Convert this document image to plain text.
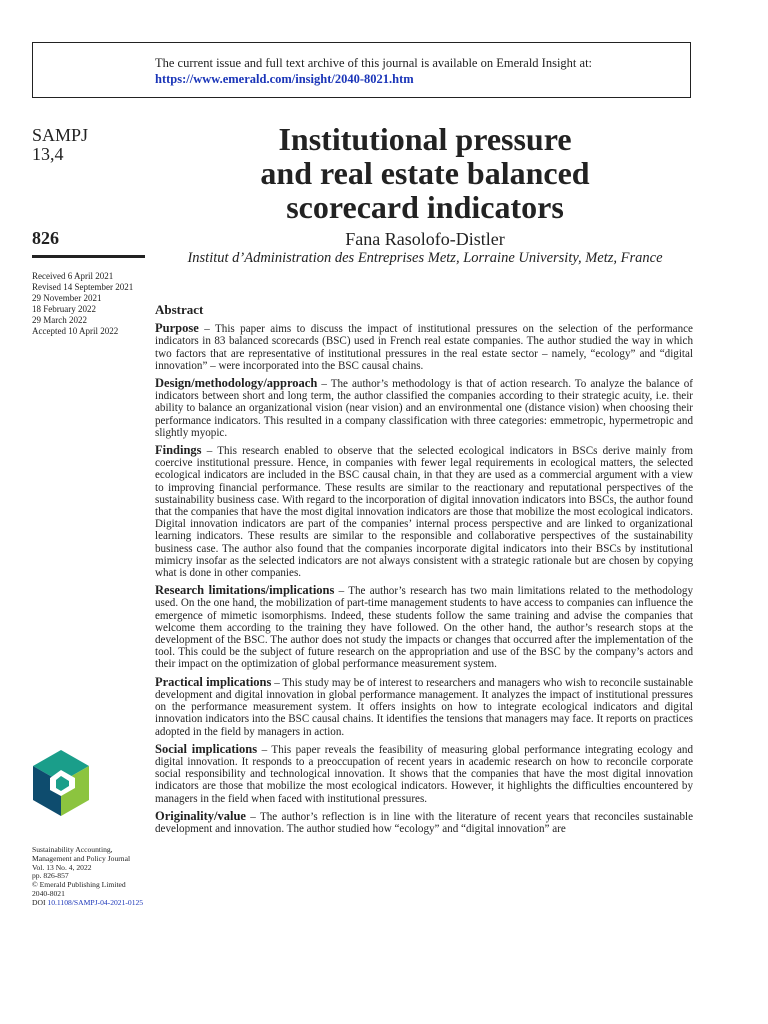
The current issue and full text archive of this journal is available on Emerald Insight at:
https://www.emerald.com/insight/2040-8021.htm
SAMPJ
13,4
826
Received 6 April 2021
Revised 14 September 2021
29 November 2021
18 February 2022
29 March 2022
Accepted 10 April 2022
Institutional pressure
and real estate balanced
scorecard indicators
Fana Rasolofo-Distler
Institut d’Administration des Entreprises Metz, Lorraine University, Metz, France
Abstract

Purpose – This paper aims to discuss the impact of institutional pressures on the selection of the performance indicators in 83 balanced scorecards (BSC) used in French real estate companies. The author studied the way in which two factors that are representative of institutional pressures in the real estate sector – namely, “ecology” and “digital innovation” – were incorporated into the BSC causal chains.

Design/methodology/approach – The author’s methodology is that of action research. To analyze the balance of indicators between short and long term, the author classified the companies according to their strategic acuity, i.e. their ability to balance an organizational vision (near vision) and an environmental one (distance vision) when choosing their performance indicators. This resulted in a company classification with three categories: emmetropic, hypermetropic and slightly myopic.

Findings – This research enabled to observe that the selected ecological indicators in BSCs derive mainly from coercive institutional pressure. Hence, in companies with fewer legal requirements in ecological matters, the selected ecological indicators are included in the BSC causal chain, in that they are used as a commercial argument with a view to improving financial performance. These results are similar to the reactionary and reputational perspectives of the sustainability business case. With regard to the incorporation of digital innovation indicators into BSCs, the author found that the companies that have the most digital innovation indicators are those that mobilize the most ecological indicators. Digital innovation indicators are part of the companies’ internal process perspective and are linked to organizational learning indicators. These results are similar to the responsible and collaborative perspectives of the sustainability business case. The author also found that the companies incorporate digital indicators into their BSCs by institutional mimicry insofar as the selected indicators are not always consistent with a strategic rationale but are chosen by copying what is done in other companies.

Research limitations/implications – The author’s research has two main limitations related to the methodology used. On the one hand, the mobilization of part-time management students to have access to companies can influence the emergence of mimetic isomorphisms. Indeed, these students follow the same training and advise the companies that welcome them according to the training they have followed. On the other hand, the author’s research stops at the development of the BSC. The author does not study the impacts or changes that occurred after the implementation of the tool. This could be the subject of future research on the appropriation and use of the BSC by the company’s actors and their impact on the optimization of global performance measurement system.

Practical implications – This study may be of interest to researchers and managers who wish to reconcile sustainable development and digital innovation in global performance management. It analyzes the impact of institutional pressures on the performance measurement system. It offers insights on how to integrate ecological indicators and digital innovation indicators into the BSC causal chains. It identifies the tensions that managers may face. It reports on practices adopted in the field by managers in action.

Social implications – This paper reveals the feasibility of measuring global performance integrating ecology and digital innovation. It responds to a preoccupation of recent years in academic research on how to reconcile corporate social responsibility and technological innovation. It shows that the companies that have the most digital innovation indicators are those that mobilize the most ecological indicators. However, it highlights the difficulties encountered by managers in the field when faced with institutional pressures.

Originality/value – The author’s reflection is in line with the literature of recent years that reconciles sustainable development and innovation. The author studied how “ecology” and “digital innovation” are

Sustainability Accounting,
Management and Policy Journal
Vol. 13 No. 4, 2022
pp. 826-857
© Emerald Publishing Limited
2040-8021
DOI 10.1108/SAMPJ-04-2021-0125
